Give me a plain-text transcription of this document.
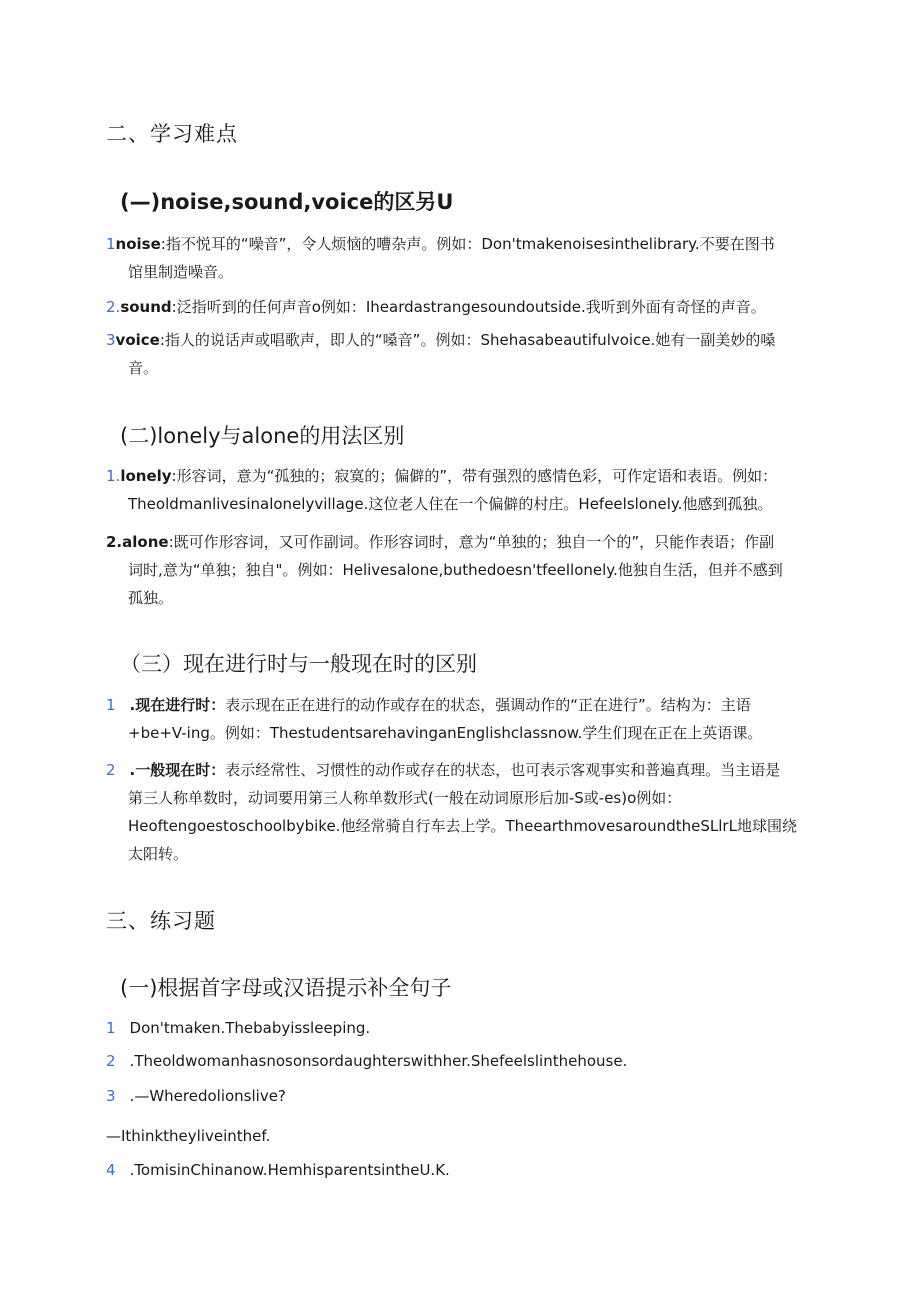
二、学习难点
(—)noise,sound,voice的区另U
1noise:指不悦耳的“噪音”，令人烦恼的嘈杂声。例如：Don'tmakenoisesinthelibrary.不要在图书
馆里制造噪音。
2.sound:泛指听到的任何声音o例如：Iheardastrangesoundoutside.我听到外面有奇怪的声音。
3voice:指人的说话声或唱歌声，即人的“嗓音”。例如：Shehasabeautifulvoice.她有一副美妙的嗓
音。
(二)lonely与alone的用法区别
1.lonely:形容词，意为“孤独的；寂寞的；偏僻的”，带有强烈的感情色彩，可作定语和表语。例如：
Theoldmanlivesinalonelyvillage.这位老人住在一个偏僻的村庄。Hefeelslonely.他感到孤独。
2.alone:既可作形容词，又可作副词。作形容词时，意为“单独的；独自一个的”，只能作表语；作副
词时,意为“单独；独自"。例如：Helivesalone,buthedoesn'tfeellonely.他独自生活，但并不感到
孤独。
（三）现在进行时与一般现在时的区别
1 .现在进行时：表示现在正在进行的动作或存在的状态，强调动作的“正在进行”。结构为：主语
+be+V-ing。例如：ThestudentsarehavinganEnglishclassnow.学生们现在正在上英语课。
2 .一般现在时：表示经常性、习惯性的动作或存在的状态，也可表示客观事实和普遍真理。当主语是
第三人称单数时，动词要用第三人称单数形式(一般在动词原形后加-S或-es)o例如：
Heoftengoestoschoolbybike.他经常骑自行车去上学。TheearthmovesaroundtheSLlrL地球围绕
太阳转。
三、练习题
(一)根据首字母或汉语提示补全句子
1 Don'tmaken.Thebabyissleeping.
2 .Theoldwomanhasnosonsordaughterswithher.Shefeelslinthehouse.
3 .—Wheredolionslive?
—Ithinktheyliveinthef.
4 .TomisinChinanow.HemhisparentsintheU.K.
